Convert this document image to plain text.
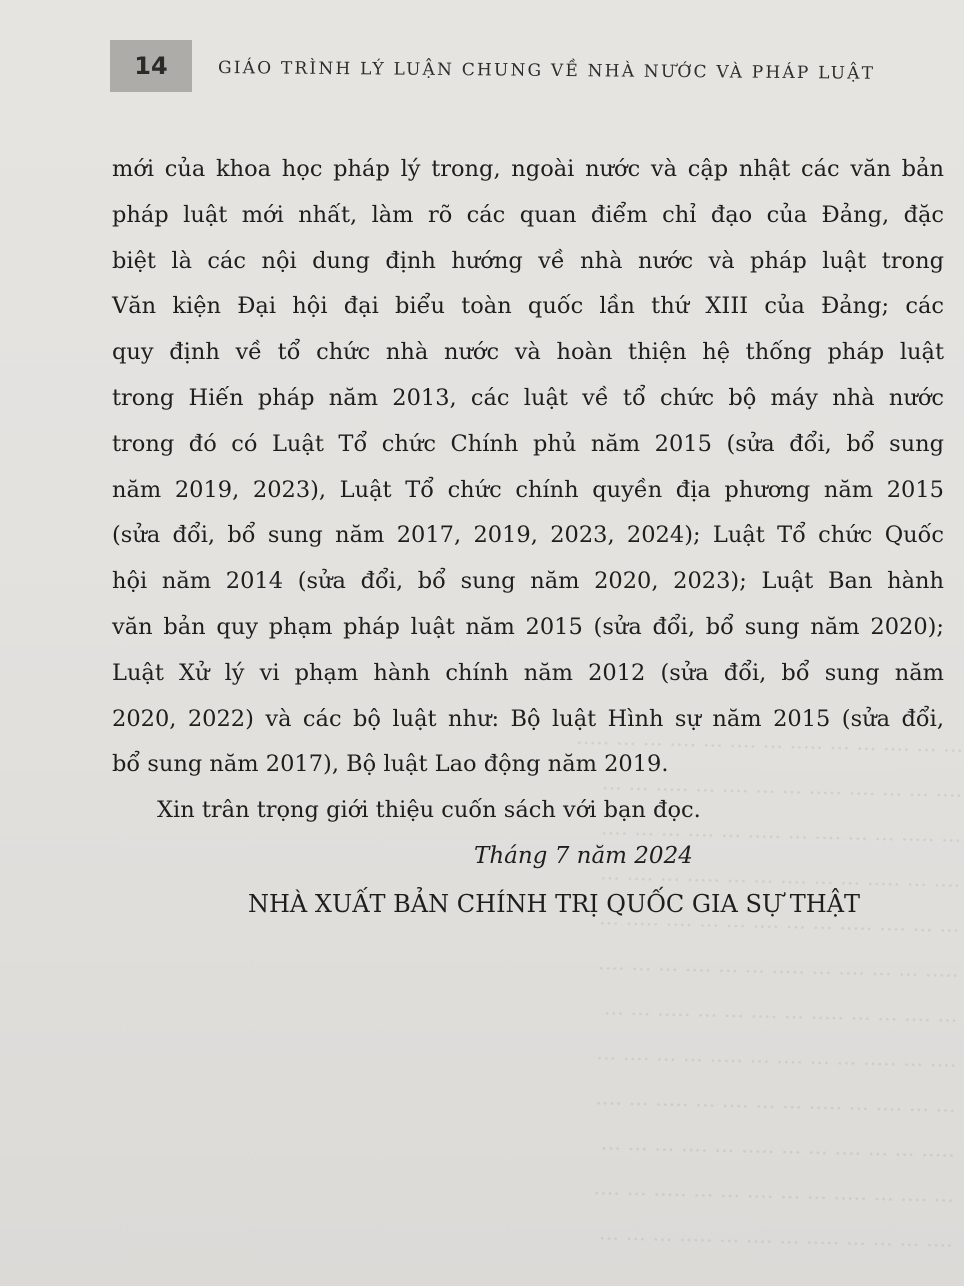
··· ··· ···· ··· ··· ····· ··· ···· ··· ···· ··· ··· ·····
···· ··· ··· ···· ····· ··· ··· ···· ··· ····· ··· ···
··· ····· ··· ··· ···· ··· ····· ··· ···· ··· ··· ····
···· ··· ····· ··· ··· ···· ··· ··· ····· ··· ···· ···
··· ··· ···· ····· ··· ··· ···· ··· ··· ···· ····· ···
····· ··· ··· ···· ··· ····· ··· ··· ···· ··· ··· ····
··· ···· ··· ··· ····· ··· ···· ··· ··· ····· ··· ···
···· ··· ····· ··· ··· ···· ··· ····· ··· ··· ···· ···
··· ··· ···· ··· ····· ··· ··· ···· ··· ····· ··· ····
····· ··· ··· ···· ··· ··· ····· ··· ···· ··· ··· ···
··· ···· ··· ····· ··· ··· ···· ··· ··· ····· ··· ····
···· ··· ··· ··· ····· ··· ···· ··· ····· ··· ··· ···
14	GIÁO TRÌNH LÝ LUẬN CHUNG VỀ NHÀ NƯỚC VÀ PHÁP LUẬT
mới của khoa học pháp lý trong, ngoài nước và cập nhật các văn bản
pháp luật mới nhất, làm rõ các quan điểm chỉ đạo của Đảng, đặc
biệt là các nội dung định hướng về nhà nước và pháp luật trong
Văn kiện Đại hội đại biểu toàn quốc lần thứ XIII của Đảng; các
quy định về tổ chức nhà nước và hoàn thiện hệ thống pháp luật
trong Hiến pháp năm 2013, các luật về tổ chức bộ máy nhà nước
trong đó có Luật Tổ chức Chính phủ năm 2015 (sửa đổi, bổ sung
năm 2019, 2023), Luật Tổ chức chính quyền địa phương năm 2015
(sửa đổi, bổ sung năm 2017, 2019, 2023, 2024); Luật Tổ chức Quốc
hội năm 2014 (sửa đổi, bổ sung năm 2020, 2023); Luật Ban hành
văn bản quy phạm pháp luật năm 2015 (sửa đổi, bổ sung năm 2020);
Luật Xử lý vi phạm hành chính năm 2012 (sửa đổi, bổ sung năm
2020, 2022) và các bộ luật như: Bộ luật Hình sự năm 2015 (sửa đổi,
bổ sung năm 2017), Bộ luật Lao động năm 2019.
Xin trân trọng giới thiệu cuốn sách với bạn đọc.
Tháng 7 năm 2024
NHÀ XUẤT BẢN CHÍNH TRỊ QUỐC GIA SỰ THẬT
